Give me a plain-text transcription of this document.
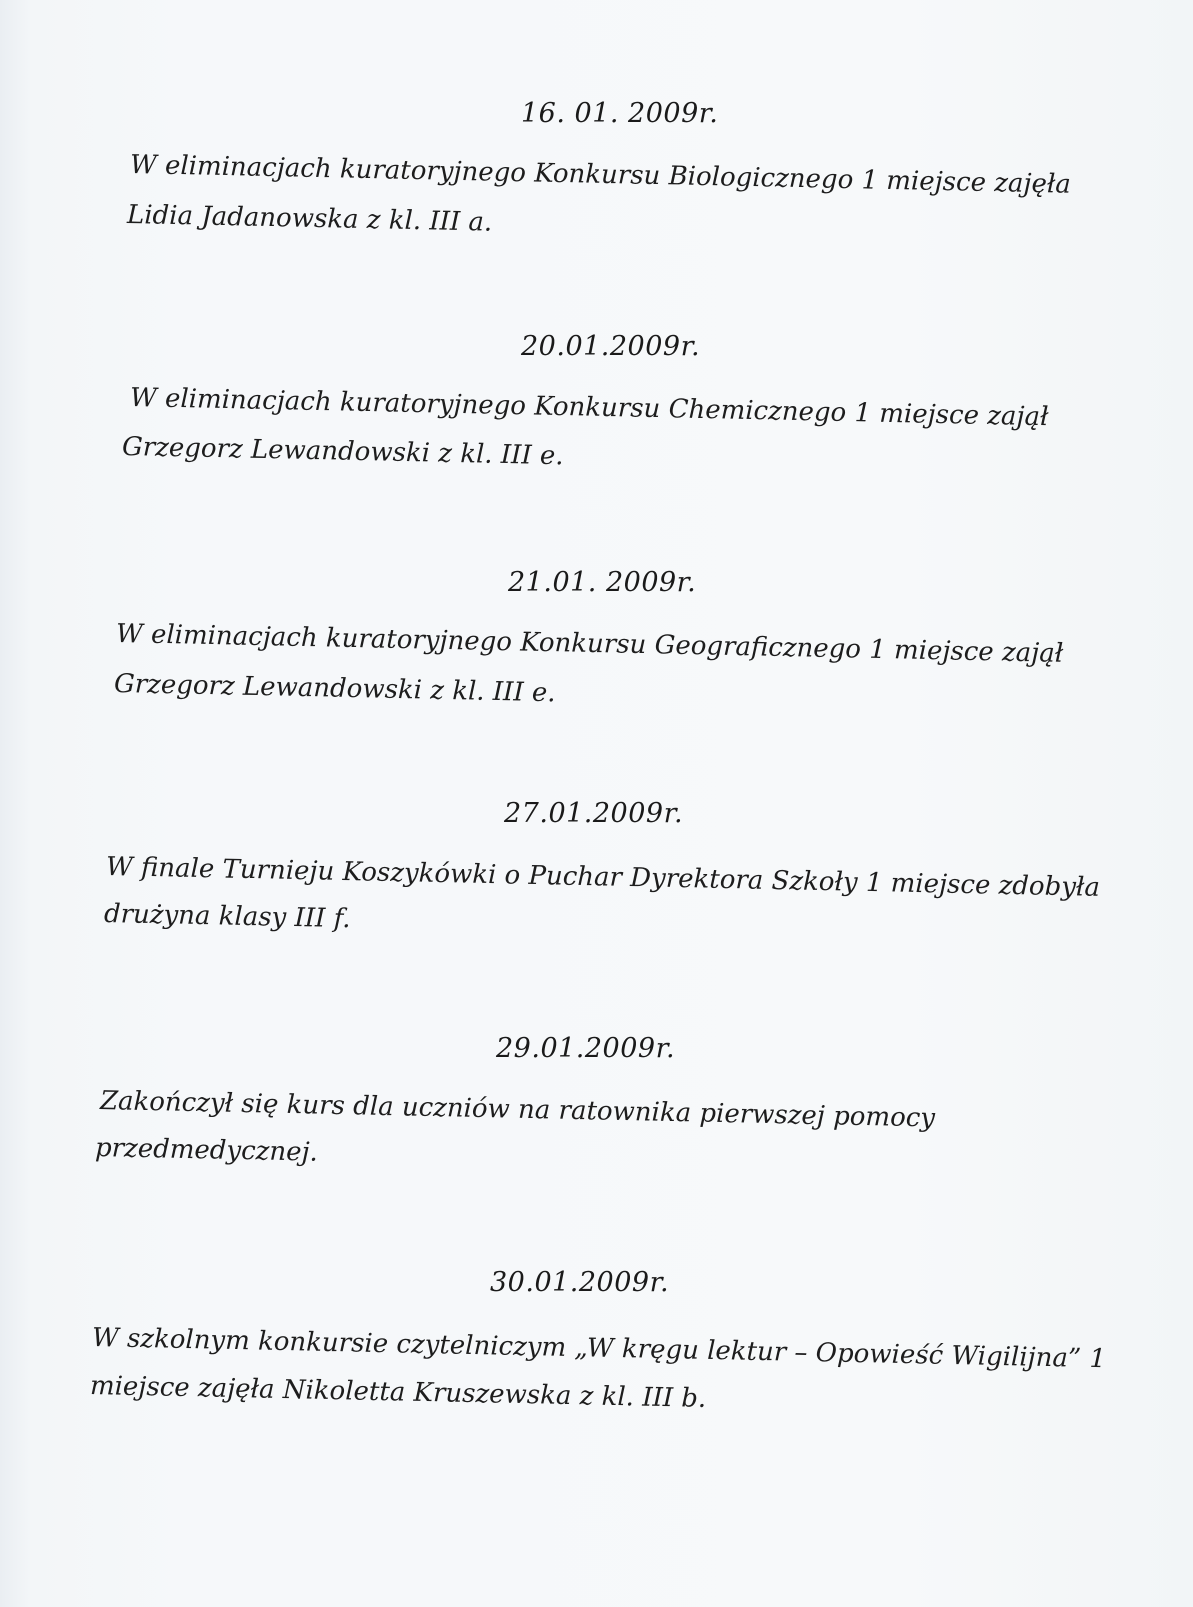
16. 01. 2009r.
W eliminacjach kuratoryjnego Konkursu Biologicznego 1 miejsce zajęła
Lidia Jadanowska z kl. III a.
20.01.2009r.
W eliminacjach kuratoryjnego Konkursu Chemicznego 1 miejsce zajął
Grzegorz Lewandowski z kl. III e.
21.01. 2009r.
W eliminacjach kuratoryjnego Konkursu Geograficznego 1 miejsce zajął
Grzegorz Lewandowski z kl. III e.
27.01.2009r.
W finale Turnieju Koszykówki o Puchar Dyrektora Szkoły 1 miejsce zdobyła
drużyna klasy III f.
29.01.2009r.
Zakończył się kurs dla uczniów na ratownika pierwszej pomocy
przedmedycznej.
30.01.2009r.
W szkolnym konkursie czytelniczym „W kręgu lektur – Opowieść Wigilijna” 1
miejsce zajęła Nikoletta Kruszewska z kl. III b.
